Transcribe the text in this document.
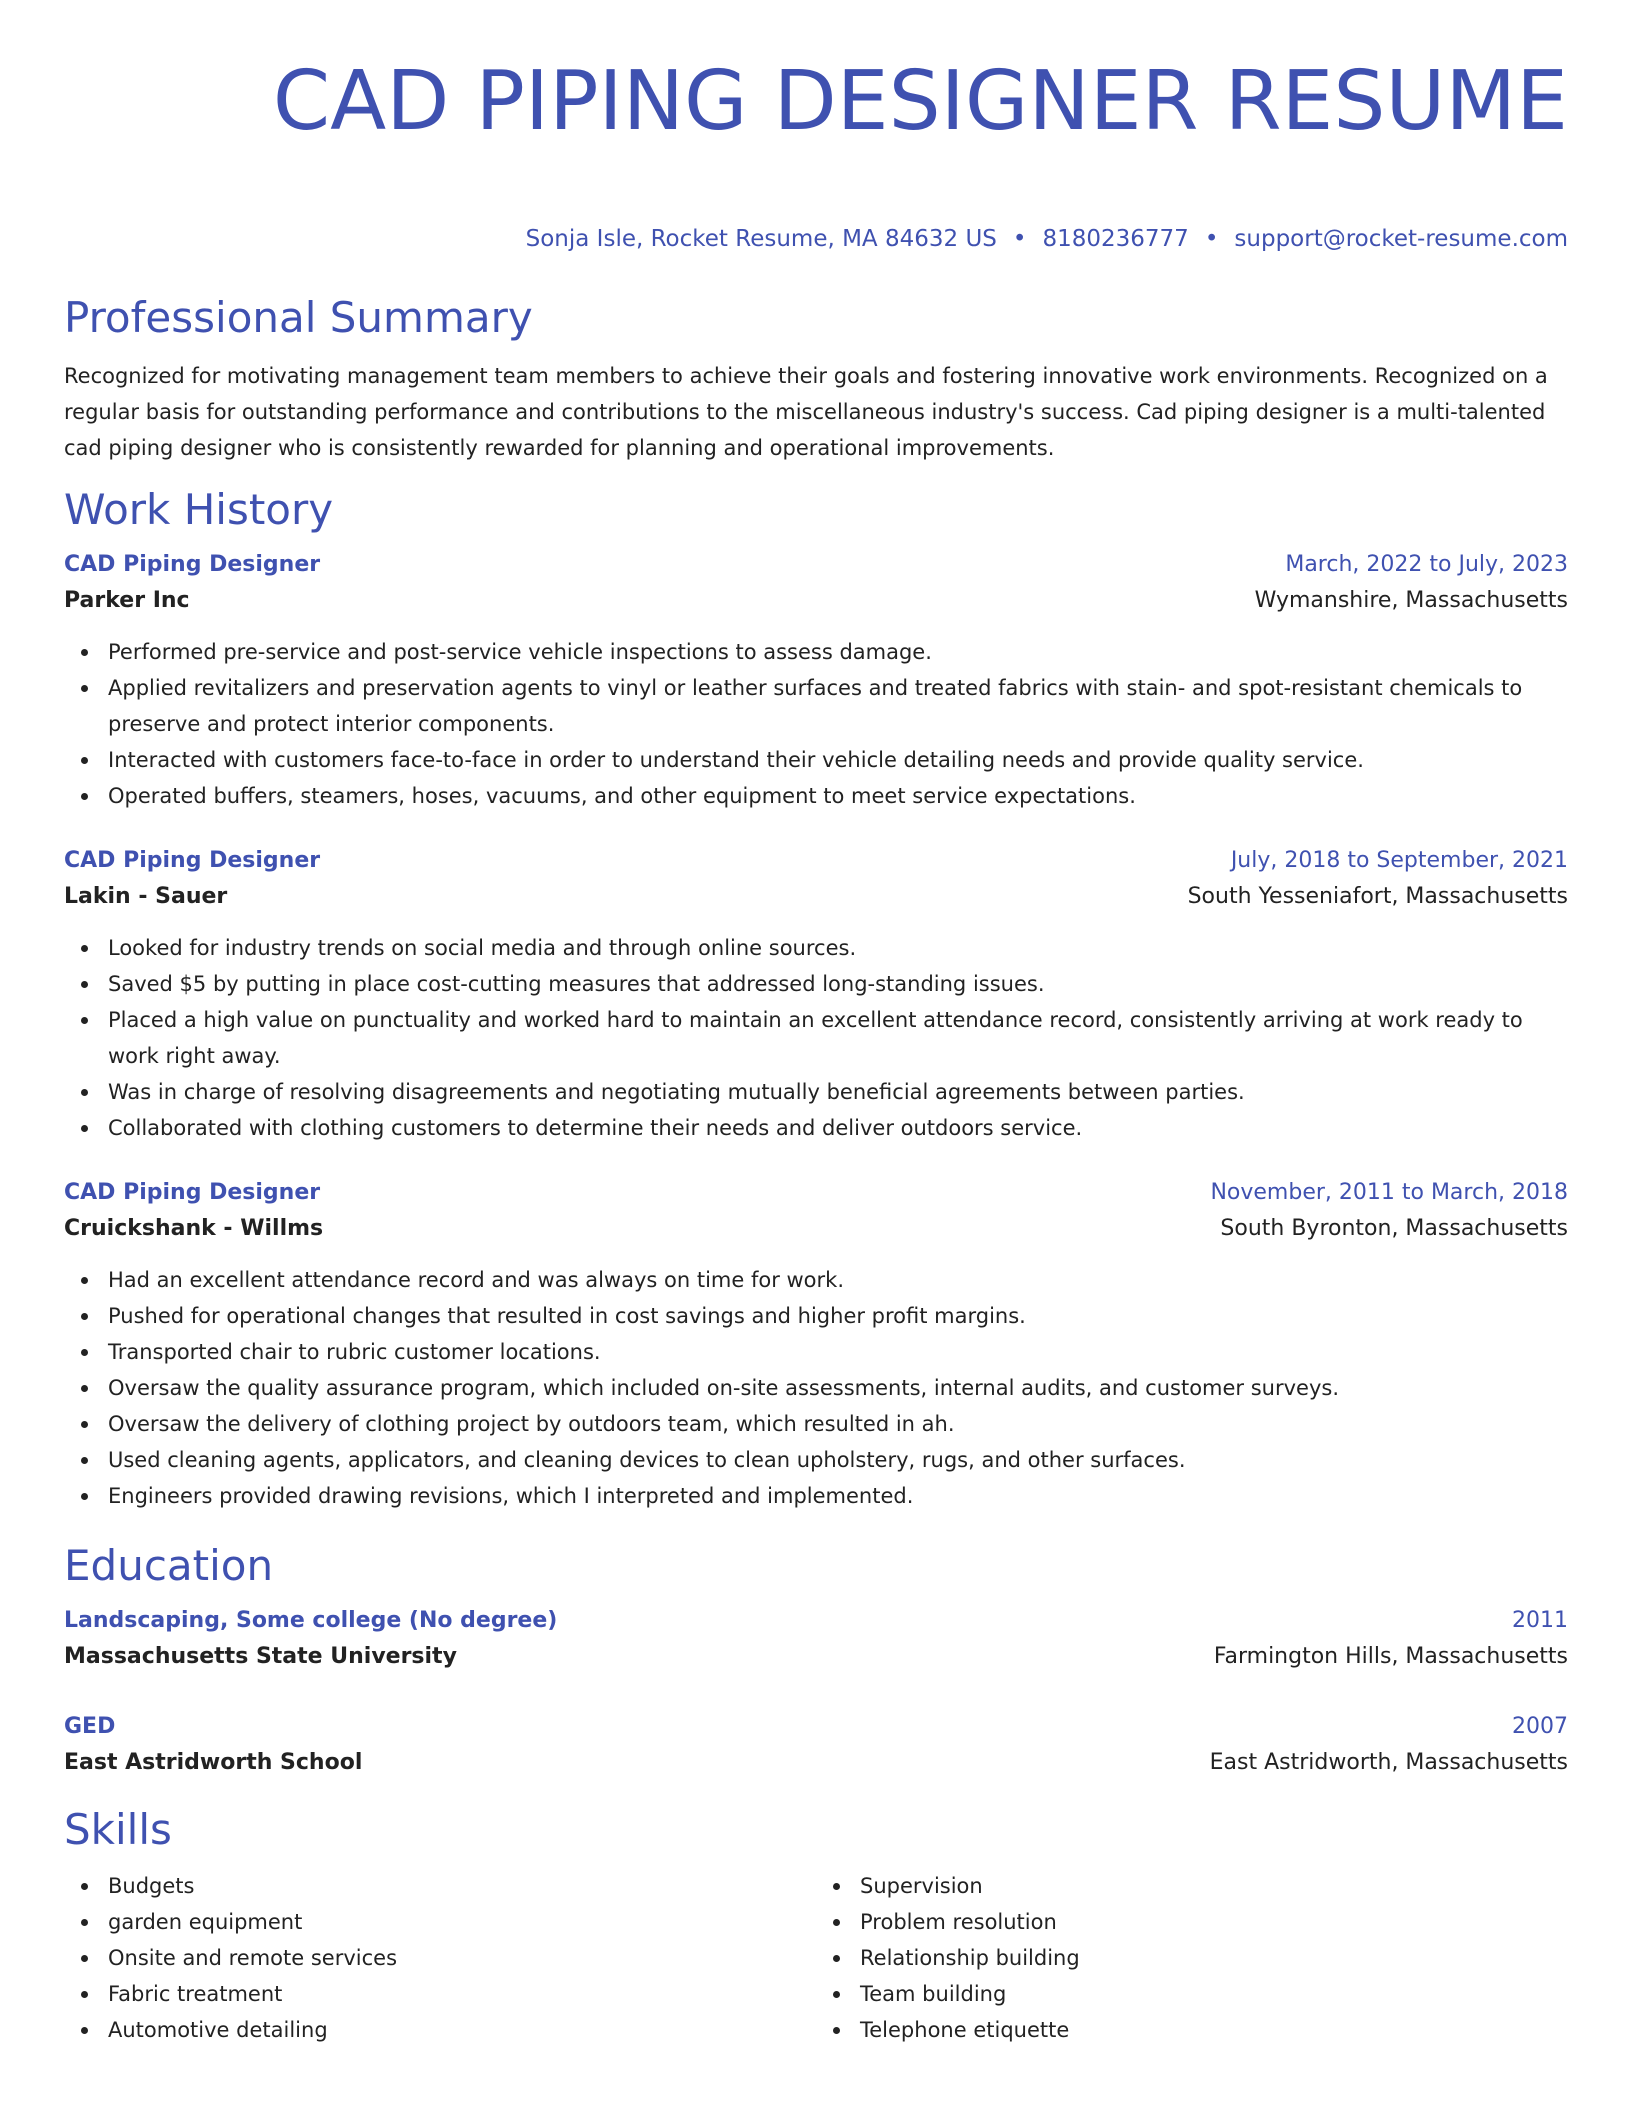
CAD PIPING DESIGNER RESUME
Sonja Isle, Rocket Resume, MA 84632 US • 8180236777 • support@rocket-resume.com
Professional Summary

Recognized for motivating management team members to achieve their goals and fostering innovative work environments. Recognized on a regular basis for outstanding performance and contributions to the miscellaneous industry's success. Cad piping designer is a multi-talented cad piping designer who is consistently rewarded for planning and operational improvements.

Work History
CAD Piping Designer	March, 2022 to July, 2023
Parker Inc	Wymanshire, Massachusetts
Performed pre-service and post-service vehicle inspections to assess damage.
Applied revitalizers and preservation agents to vinyl or leather surfaces and treated fabrics with stain- and spot-resistant chemicals to preserve and protect interior components.
Interacted with customers face-to-face in order to understand their vehicle detailing needs and provide quality service.
Operated buffers, steamers, hoses, vacuums, and other equipment to meet service expectations.
CAD Piping Designer	July, 2018 to September, 2021
Lakin - Sauer	South Yesseniafort, Massachusetts
Looked for industry trends on social media and through online sources.
Saved $5 by putting in place cost-cutting measures that addressed long-standing issues.
Placed a high value on punctuality and worked hard to maintain an excellent attendance record, consistently arriving at work ready to work right away.
Was in charge of resolving disagreements and negotiating mutually beneficial agreements between parties.
Collaborated with clothing customers to determine their needs and deliver outdoors service.
CAD Piping Designer	November, 2011 to March, 2018
Cruickshank - Willms	South Byronton, Massachusetts
Had an excellent attendance record and was always on time for work.
Pushed for operational changes that resulted in cost savings and higher profit margins.
Transported chair to rubric customer locations.
Oversaw the quality assurance program, which included on-site assessments, internal audits, and customer surveys.
Oversaw the delivery of clothing project by outdoors team, which resulted in ah.
Used cleaning agents, applicators, and cleaning devices to clean upholstery, rugs, and other surfaces.
Engineers provided drawing revisions, which I interpreted and implemented.
Education
Landscaping, Some college (No degree)	2011
Massachusetts State University	Farmington Hills, Massachusetts
GED	2007
East Astridworth School	East Astridworth, Massachusetts
Skills
Budgets
garden equipment
Onsite and remote services
Fabric treatment
Automotive detailing
Supervision
Problem resolution
Relationship building
Team building
Telephone etiquette
